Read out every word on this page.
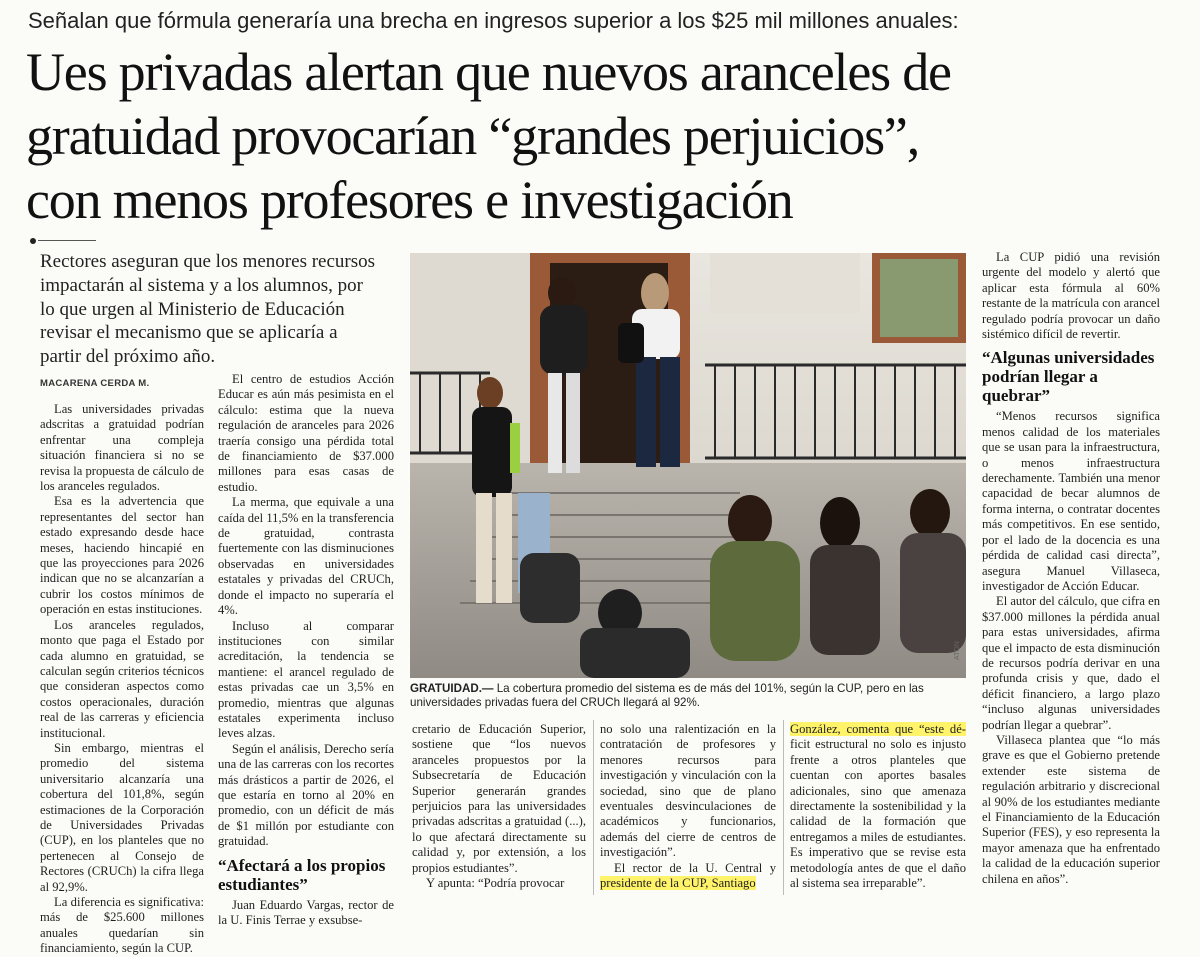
Señalan que fórmula generaría una brecha en ingresos superior a los $25 mil millones anuales:
Ues privadas alertan que nuevos aranceles de
gratuidad provocarían “grandes perjuicios”,
con menos profesores e investigación
Rectores aseguran que los menores recursos impactarán al sistema y a los alumnos, por lo que urgen al Ministerio de Educación revisar el mecanismo que se aplicaría a partir del próximo año.
MACARENA CERDA M.

Las universidades privadas adscritas a gratuidad podrían enfrentar una compleja situación financiera si no se revisa la propuesta de cálculo de los aranceles regulados.

Esa es la advertencia que representantes del sector han estado expresando desde hace meses, haciendo hincapié en que las proyecciones para 2026 indican que no se alcanzarían a cubrir los costos mínimos de operación en estas instituciones.

Los aranceles regulados, monto que paga el Estado por cada alumno en gratuidad, se calculan según criterios técnicos que consideran aspectos como costos operacionales, duración real de las carreras y eficiencia institucional.

Sin embargo, mientras el promedio del sistema universitario alcanzaría una cobertura del 101,8%, según estimaciones de la Corporación de Universidades Privadas (CUP), en los planteles que no pertenecen al Consejo de Rectores (CRUCh) la cifra llega al 92,9%.

La diferencia es significativa: más de $25.600 millones anuales quedarían sin financiamiento, según la CUP.

El centro de estudios Acción Educar es aún más pesimista en el cálculo: estima que la nueva regulación de aranceles para 2026 traería consigo una pérdida total de financiamiento de $37.000 millones para esas casas de estudio.

La merma, que equivale a una caída del 11,5% en la transferencia de gratuidad, contrasta fuertemente con las disminuciones observadas en universidades estatales y privadas del CRUCh, donde el impacto no superaría el 4%.

Incluso al comparar instituciones con similar acreditación, la tendencia se mantiene: el arancel regulado de estas privadas cae un 3,5% en promedio, mientras que algunas estatales experimenta incluso leves alzas.

Según el análisis, Derecho sería una de las carreras con los recortes más drásticos a partir de 2026, el que estaría en torno al 20% en promedio, con un déficit de más de $1 millón por estudiante con gratuidad.

“Afectará a los propios estudiantes”

Juan Eduardo Vargas, rector de la U. Finis Terrae y exsubse-

ATON
GRATUIDAD.— La cobertura promedio del sistema es de más del 101%, según la CUP, pero en las universidades privadas fuera del CRUCh llegará al 92%.

cretario de Educación Superior, sostiene que “los nuevos aranceles propuestos por la Subsecretaría de Educación Superior generarán grandes perjuicios para las universidades privadas adscritas a gratuidad (...), lo que afectará directamente su calidad y, por extensión, a los propios estudiantes”.

Y apunta: “Podría provocar

no solo una ralentización en la contratación de profesores y menores recursos para investigación y vinculación con la sociedad, sino que de plano eventuales desvinculaciones de académicos y funcionarios, además del cierre de centros de investigación”.

El rector de la U. Central y presidente de la CUP, Santiago

González, comenta que “este dé- ficit estructural no solo es injusto frente a otros planteles que cuentan con aportes basales adicionales, sino que amenaza directamente la sostenibilidad y la calidad de la formación que entregamos a miles de estudiantes. Es imperativo que se revise esta metodología antes de que el daño al sistema sea irreparable”.

La CUP pidió una revisión urgente del modelo y alertó que aplicar esta fórmula al 60% restante de la matrícula con arancel regulado podría provocar un daño sistémico difícil de revertir.

“Algunas universidades podrían llegar a quebrar”

“Menos recursos significa menos calidad de los materiales que se usan para la infraestructura, o menos infraestructura derechamente. También una menor capacidad de becar alumnos de forma interna, o contratar docentes más competitivos. En ese sentido, por el lado de la docencia es una pérdida de calidad casi directa”, asegura Manuel Villaseca, investigador de Acción Educar.

El autor del cálculo, que cifra en $37.000 millones la pérdida anual para estas universidades, afirma que el impacto de esta disminución de recursos podría derivar en una profunda crisis y que, dado el déficit financiero, a largo plazo “incluso algunas universidades podrían llegar a quebrar”.

Villaseca plantea que “lo más grave es que el Gobierno pretende extender este sistema de regulación arbitrario y discrecional al 90% de los estudiantes mediante el Financiamiento de la Educación Superior (FES), y eso representa la mayor amenaza que ha enfrentado la calidad de la educación superior chilena en años”.
